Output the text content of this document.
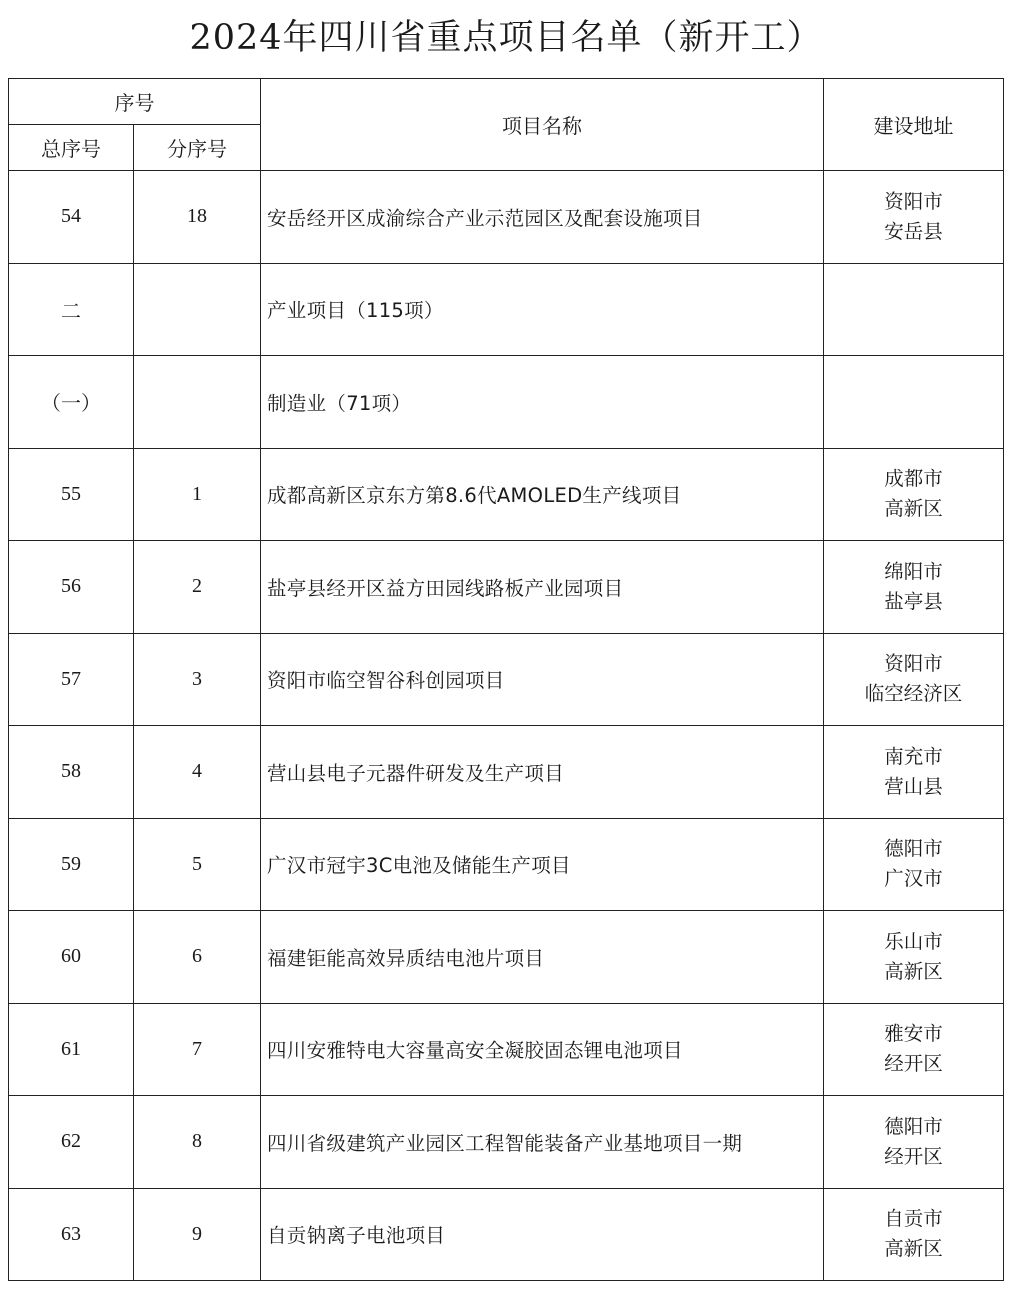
2024年四川省重点项目名单（新开工）
序号		项目名称	建设地址
总序号	分序号		
54	18	安岳经开区成渝综合产业示范园区及配套设施项目	资阳市
安岳县

二		产业项目（115项）	

（一）		制造业（71项）	

55	1	成都高新区京东方第8.6代AMOLED生产线项目	成都市
高新区

56	2	盐亭县经开区益方田园线路板产业园项目	绵阳市
盐亭县

57	3	资阳市临空智谷科创园项目	资阳市
临空经济区

58	4	营山县电子元器件研发及生产项目	南充市
营山县

59	5	广汉市冠宇3C电池及储能生产项目	德阳市
广汉市

60	6	福建钜能高效异质结电池片项目	乐山市
高新区

61	7	四川安雅特电大容量高安全凝胶固态锂电池项目	雅安市
经开区

62	8	四川省级建筑产业园区工程智能装备产业基地项目一期	德阳市
经开区

63	9	自贡钠离子电池项目	自贡市
高新区
